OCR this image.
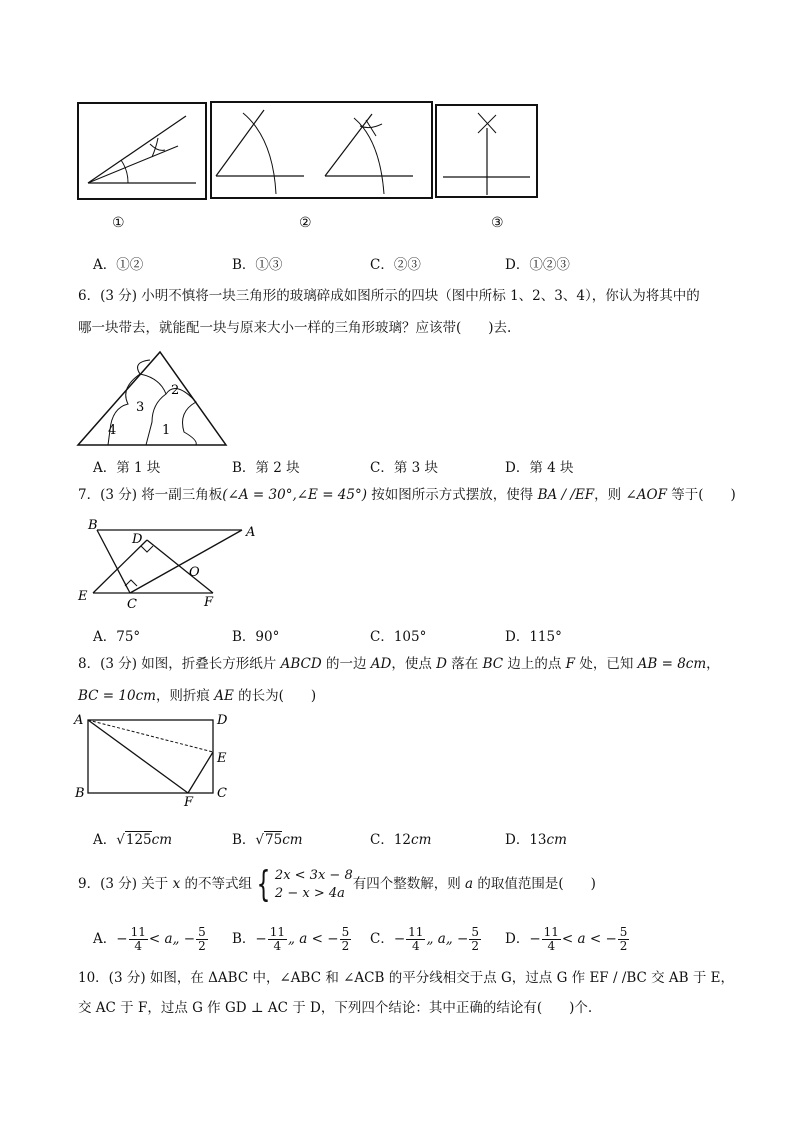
①	②	③
A．①②	B．①③	C．②③	D．①②③
6．(3 分) 小明不慎将一块三角形的玻璃碎成如图所示的四块（图中所标 1、2、3、4），你认为将其中的
哪一块带去，就能配一块与原来大小一样的三角形玻璃？应该带(　　)去.
4
3
2
1
A．第 1 块	B．第 2 块	C．第 3 块	D．第 4 块
7．(3 分) 将一副三角板(∠A = 30°,∠E = 45°) 按如图所示方式摆放，使得 BA / /EF，则 ∠AOF 等于(　　)
B	A
D
O
E
C	F
A．75°	B．90°	C．105°	D．115°
8．(3 分) 如图，折叠长方形纸片 ABCD 的一边 AD，使点 D 落在 BC 边上的点 F 处，已知 AB = 8cm，
BC = 10cm，则折痕 AE 的长为(　　)
A	D
E
B
F
C
A．√125cm	B．√75cm	C．12cm	D．13cm
9．(3 分) 关于 x 的不等式组 { 2x < 3x − 8
2 − x > 4a
有四个整数解，则 a 的取值范围是(　　)
A．− $\frac{11}{4}$ < a„ − $\frac{5}{2}$ B．− $\frac{11}{4}$ „ a < − $\frac{5}{2}$ C．− $\frac{11}{4}$ „ a„ − $\frac{5}{2}$ D．− $\frac{11}{4} < a$ < − $\frac{5}{2}$
10．(3 分) 如图，在 ΔABC 中，∠ABC 和 ∠ACB 的平分线相交于点 G，过点 G 作 EF / /BC 交 AB 于 E，
交 AC 于 F，过点 G 作 GD ⊥ AC 于 D，下列四个结论：其中正确的结论有(　　)个.
